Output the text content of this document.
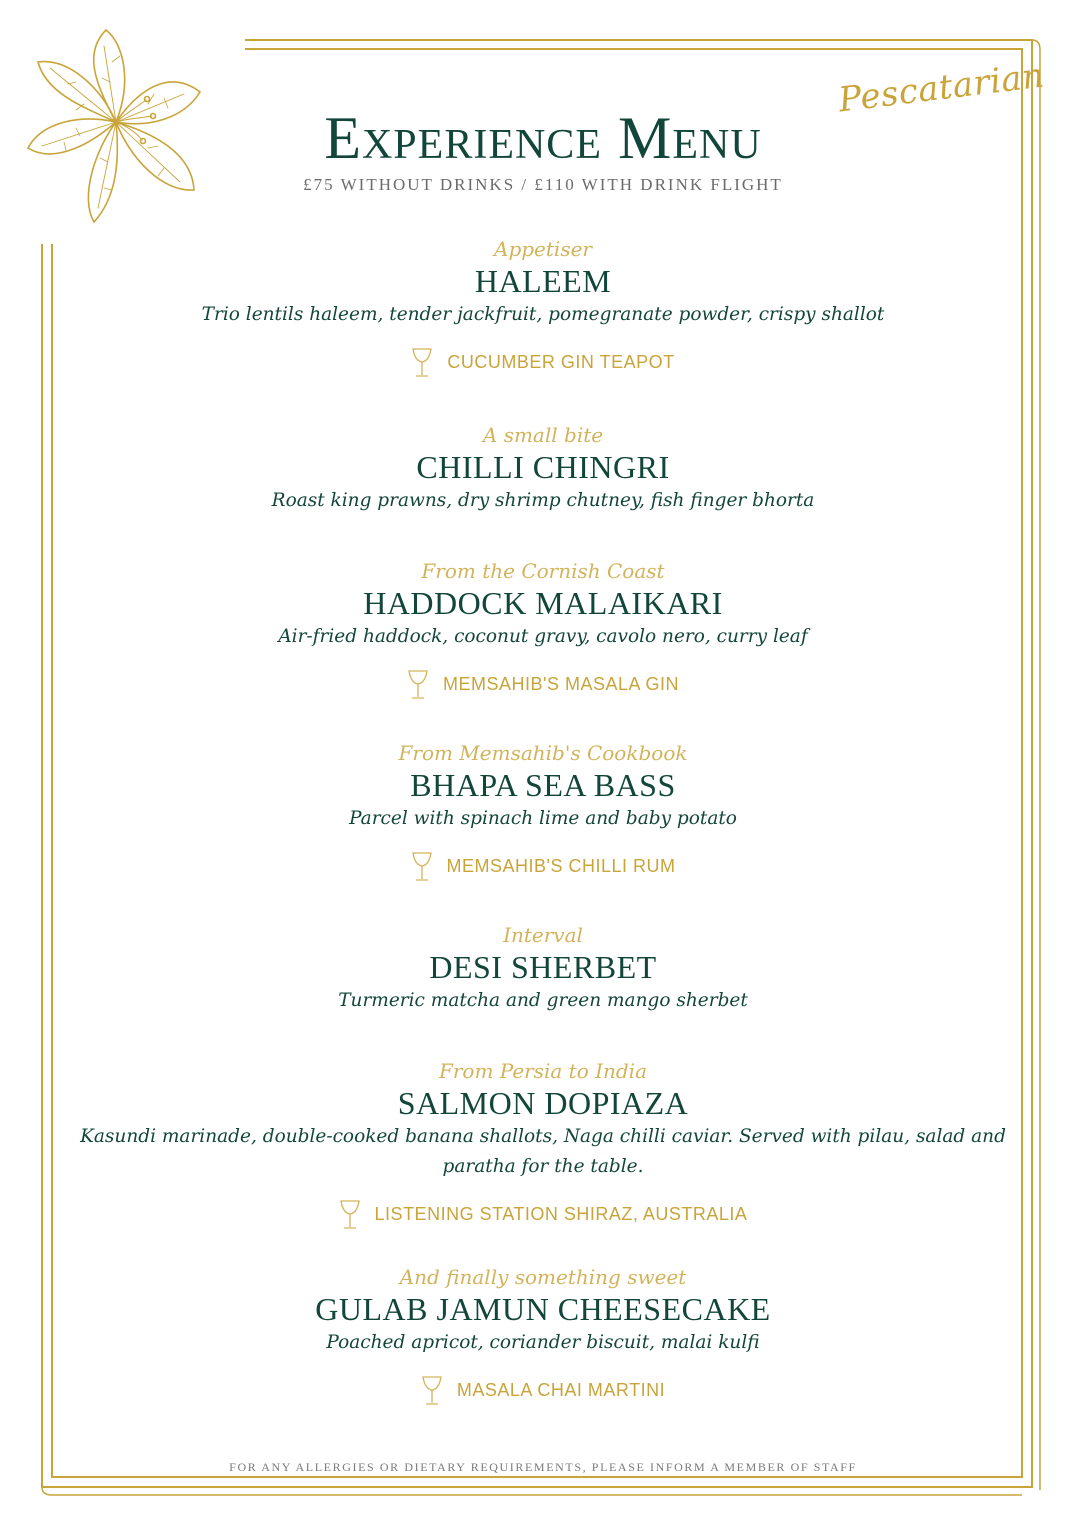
Pescatarian
Experience Menu
£75 WITHOUT DRINKS / £110 WITH DRINK FLIGHT
Appetiser
HALEEM
Trio lentils haleem, tender jackfruit, pomegranate powder, crispy shallot
CUCUMBER GIN TEAPOT
A small bite
CHILLI CHINGRI
Roast king prawns, dry shrimp chutney, fish finger bhorta
From the Cornish Coast
HADDOCK MALAIKARI
Air-fried haddock, coconut gravy, cavolo nero, curry leaf
MEMSAHIB'S MASALA GIN
From Memsahib's Cookbook
BHAPA SEA BASS
Parcel with spinach lime and baby potato
MEMSAHIB'S CHILLI RUM
Interval
DESI SHERBET
Turmeric matcha and green mango sherbet
From Persia to India
SALMON DOPIAZA
Kasundi marinade, double-cooked banana shallots, Naga chilli caviar. Served with pilau, salad and paratha for the table.
LISTENING STATION SHIRAZ, AUSTRALIA
And finally something sweet
GULAB JAMUN CHEESECAKE
Poached apricot, coriander biscuit, malai kulfi
MASALA CHAI MARTINI
FOR ANY ALLERGIES OR DIETARY REQUIREMENTS, PLEASE INFORM A MEMBER OF STAFF
